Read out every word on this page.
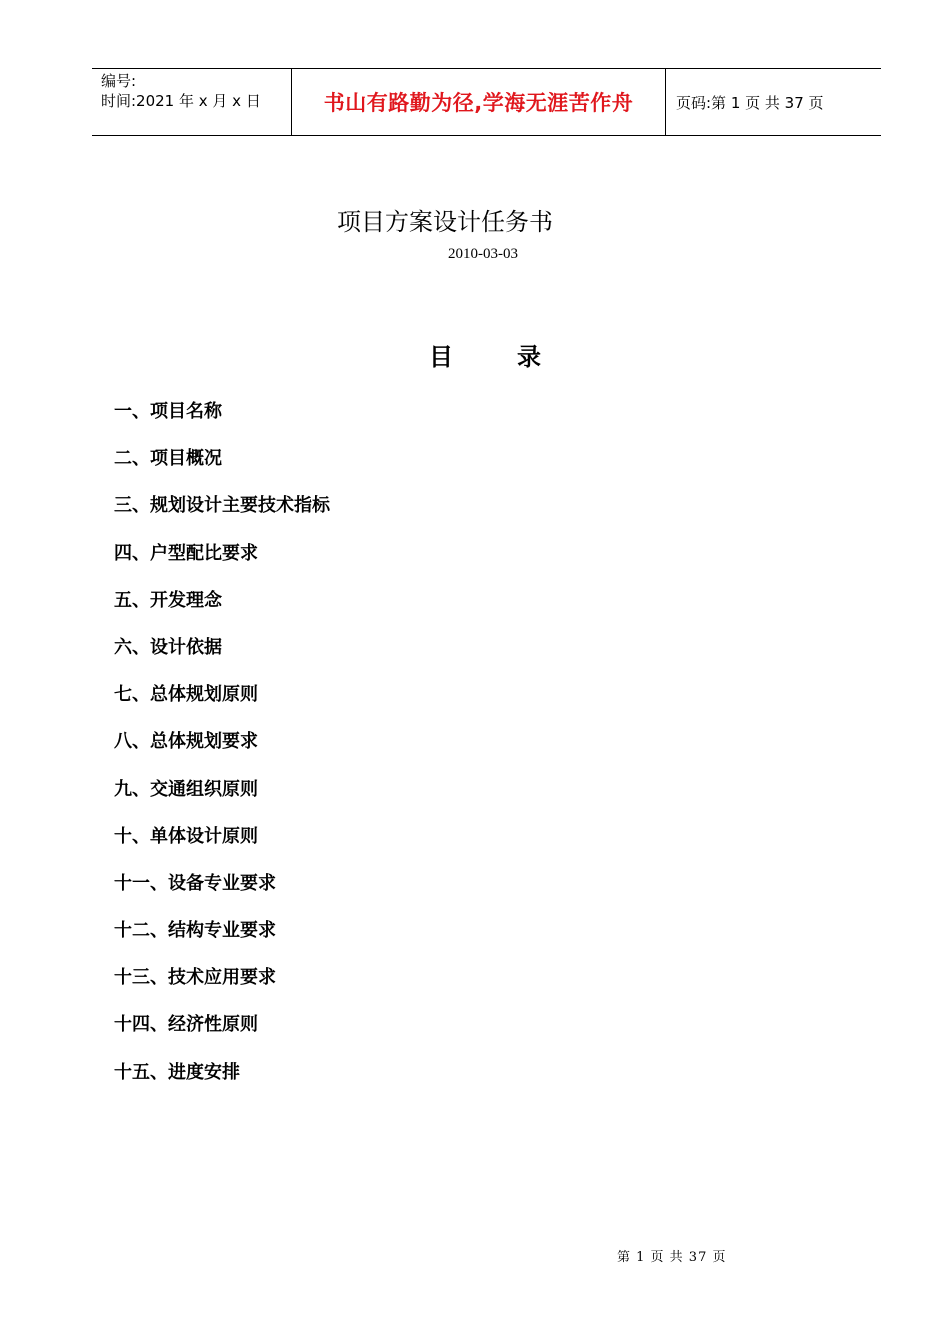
编号:
时间:2021 年 x 月 x 日	书山有路勤为径,学海无涯苦作舟	页码:第 1 页 共 37 页
项目方案设计任务书
2010-03-03
目	录
一、项目名称
二、项目概况
三、规划设计主要技术指标
四、户型配比要求
五、开发理念
六、设计依据
七、总体规划原则
八、总体规划要求
九、交通组织原则
十、单体设计原则
十一、设备专业要求
十二、结构专业要求
十三、技术应用要求
十四、经济性原则
十五、进度安排
第 1 页 共 37 页
